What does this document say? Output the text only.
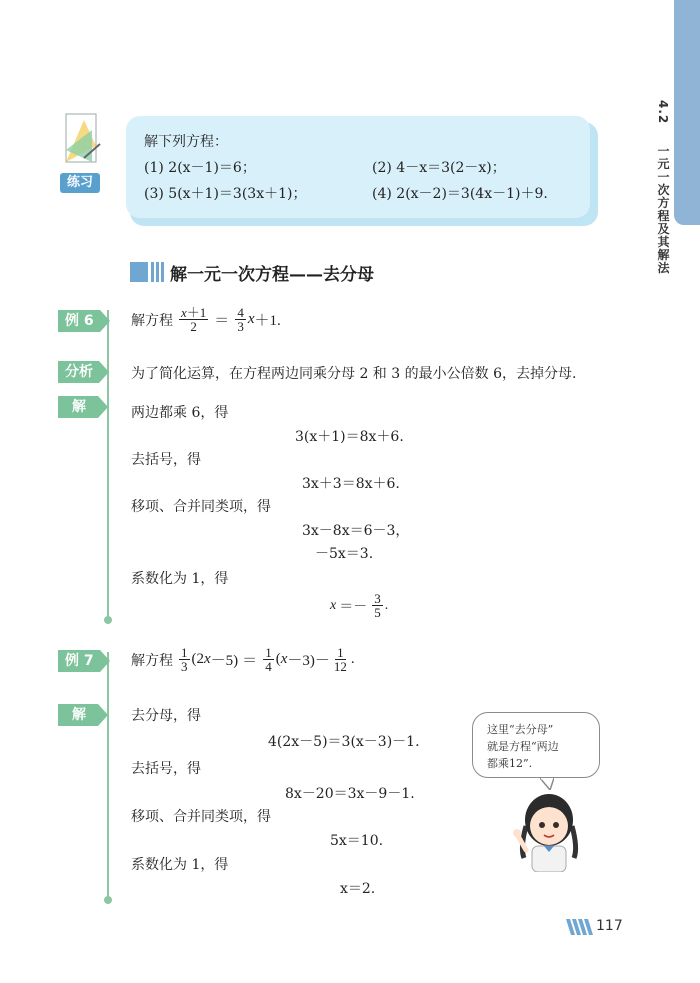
4.2  一元一次方程及其解法
练习
解下列方程：
(1) 2(x－1)＝6；	(2) 4－x＝3(2－x)；
(3) 5(x＋1)＝3(3x＋1)；	(4) 2(x－2)＝3(4x－1)＋9.
解一元一次方程——去分母
例 6	解方程 $\frac{x+1}{2} = \frac{4}{3}$ x ＋1.
分析	为了简化运算，在方程两边同乘分母 2 和 3 的最小公倍数 6，去掉分母.
解	两边都乘 6，得
3(x＋1)＝8x＋6.
去括号，得
3x＋3＝8x＋6.
移项、合并同类项，得
3x－8x＝6－3，
－5x＝3.
系数化为 1，得
$x =- \frac{3}{5}$ .
例 7	解方程 $\frac{1}{3} (2$ $x -5) = \frac{1}{4}$ ( $x -3)- \frac{1}{12}$ .
解	去分母，得
4(2x－5)＝3(x－3)－1.
去括号，得
8x－20＝3x－9－1.
移项、合并同类项，得
5x＝10.
系数化为 1，得
x＝2.
这里“去分母”
就是方程“两边
都乘12”.
117
